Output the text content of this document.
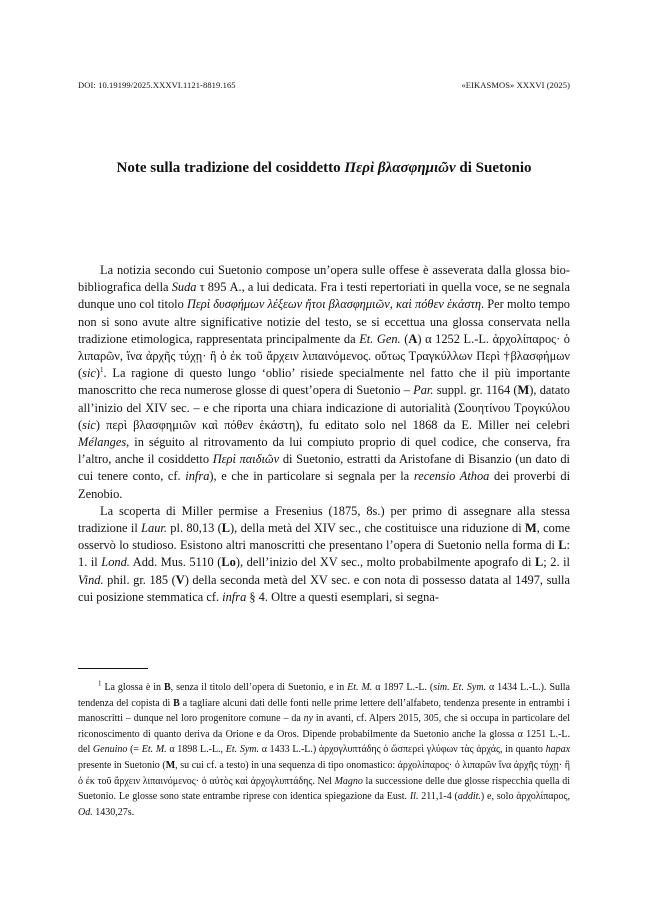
DOI: 10.19199/2025.XXXVI.1121-8819.165	«EIKASMOS» XXXVI (2025)
Note sulla tradizione del cosiddetto Περὶ βλασφημιῶν di Suetonio

La notizia secondo cui Suetonio compose un’opera sulle offese è asseverata dalla glossa bio-bibliografica della Suda τ 895 A., a lui dedicata. Fra i testi repertoriati in quella voce, se ne segnala dunque uno col titolo Περὶ δυσφήμων λέξεων ἤτοι βλασφημιῶν, καὶ πόθεν ἑκάστη. Per molto tempo non si sono avute altre significative notizie del testo, se si eccettua una glossa conservata nella tradizione etimologica, rappresentata principalmente da Et. Gen. (A) α 1252 L.-L. ἀρχολίπαρος· ὁ λιπαρῶν, ἵνα ἀρχῆς τύχῃ· ἢ ὁ ἐκ τοῦ ἄρχειν λιπαινόμενος. οὕτως Τραγκύλλων Περὶ †βλασφήμων (sic)$^1$. La ragione di questo lungo ‘oblio’ risiede specialmente nel fatto che il più importante manoscritto che reca numerose glosse di quest’opera di Suetonio – Par. suppl. gr. 1164 (M), datato all’inizio del XIV sec. – e che riporta una chiara indicazione di autorialità (Σουητίνου Τρογκύλου (sic) περὶ βλασφημιῶν καὶ πόθεν ἑκάστη), fu editato solo nel 1868 da E. Miller nei celebri Mélanges, in séguito al ritrovamento da lui compiuto proprio di quel codice, che conserva, fra l’altro, anche il cosiddetto Περὶ παιδιῶν di Suetonio, estratti da Aristofane di Bisanzio (un dato di cui tenere conto, cf. infra), e che in particolare si segnala per la recensio Athoa dei proverbi di Zenobio.

La scoperta di Miller permise a Fresenius (1875, 8s.) per primo di assegnare alla stessa tradizione il Laur. pl. 80,13 (L), della metà del XIV sec., che costituisce una riduzione di M, come osservò lo studioso. Esistono altri manoscritti che presentano l’opera di Suetonio nella forma di L: 1. il Lond. Add. Mus. 5110 (Lo), dell’inizio del XV sec., molto probabilmente apografo di L; 2. il Vind. phil. gr. 185 (V) della seconda metà del XV sec. e con nota di possesso datata al 1497, sulla cui posizione stemmatica cf. infra § 4. Oltre a questi esemplari, si segna-

$^1$ La glossa è in B, senza il titolo dell’opera di Suetonio, e in Et. M. α 1897 L.-L. (sim. Et. Sym. α 1434 L.-L.). Sulla tendenza del copista di B a tagliare alcuni dati delle fonti nelle prime lettere dell’alfabeto, tendenza presente in entrambi i manoscritti – dunque nel loro progenitore comune – da ny in avanti, cf. Alpers 2015, 305, che si occupa in particolare del riconoscimento di quanto deriva da Orione e da Oros. Dipende probabilmente da Suetonio anche la glossa α 1251 L.-L. del Genuino (= Et. M. α 1898 L.-L., Et. Sym. α 1433 L.-L.) ἀρχογλυπτάδης ὁ ὥσπερεὶ γλύφων τὰς ἀρχάς, in quanto hapax presente in Suetonio (M, su cui cf. a testo) in una sequenza di tipo onomastico: ἀρχολίπαρος· ὁ λιπαρῶν ἵνα ἀρχῆς τύχῃ· ἢ ὁ ἐκ τοῦ ἄρχειν λιπαινόμενος· ὁ αὐτὸς καὶ ἀρχογλυπτάδης. Nel Magno la successione delle due glosse rispecchia quella di Suetonio. Le glosse sono state entrambe riprese con identica spiegazione da Eust. Il. 211,1-4 (addit.) e, solo ἀρχολίπαρος, Od. 1430,27s.
